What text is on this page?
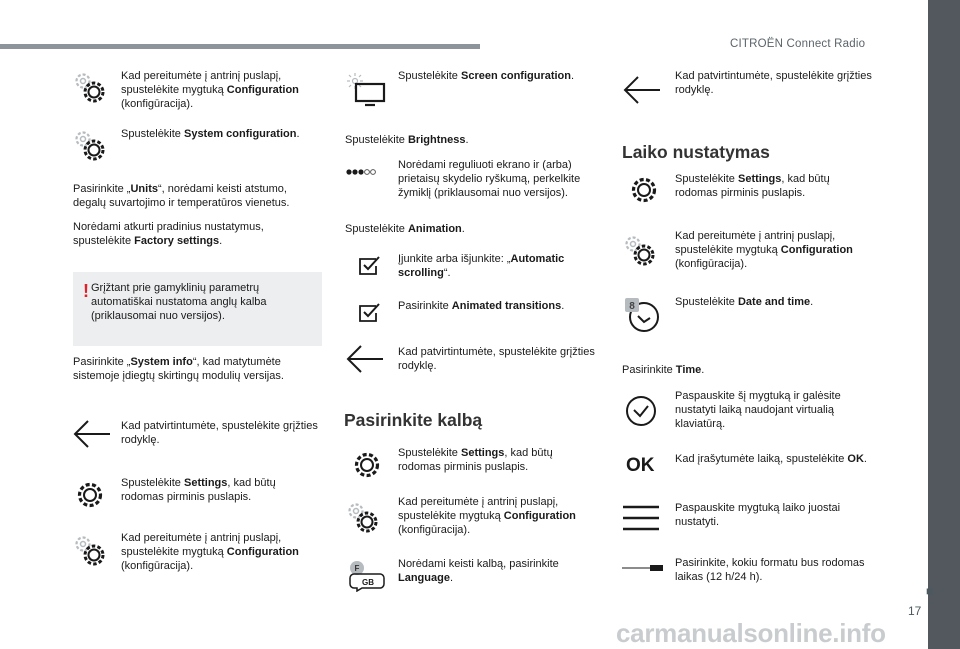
CITROËN Connect Radio
Kad pereitumėte į antrinį puslapį, spustelėkite mygtuką Configuration (konfigūracija).
Spustelėkite System configuration.
Pasirinkite „Units“, norėdami keisti atstumo, degalų suvartojimo ir temperatūros vienetus.
Norėdami atkurti pradinius nustatymus, spustelėkite Factory settings.
! Grįžtant prie gamyklinių parametrų automatiškai nustatoma anglų kalba (priklausomai nuo versijos).
Pasirinkite „System info“, kad matytumėte sistemoje įdiegtų skirtingų modulių versijas.
Kad patvirtintumėte, spustelėkite grįžties rodyklę.
Spustelėkite Settings, kad būtų rodomas pirminis puslapis.
Kad pereitumėte į antrinį puslapį, spustelėkite mygtuką Configuration (konfigūracija).
Spustelėkite Screen configuration.
Spustelėkite Brightness.
Norėdami reguliuoti ekrano ir (arba) prietaisų skydelio ryškumą, perkelkite žymiklį (priklausomai nuo versijos).
Spustelėkite Animation.
Įjunkite arba išjunkite: „Automatic scrolling“.
Pasirinkite Animated transitions.
Kad patvirtintumėte, spustelėkite grįžties rodyklę.
Pasirinkite kalbą
Spustelėkite Settings, kad būtų rodomas pirminis puslapis.
Kad pereitumėte į antrinį puslapį, spustelėkite mygtuką Configuration (konfigūracija).
F
GB
Norėdami keisti kalbą, pasirinkite Language.
Kad patvirtintumėte, spustelėkite grįžties rodyklę.
Laiko nustatymas
Spustelėkite Settings, kad būtų rodomas pirminis puslapis.
Kad pereitumėte į antrinį puslapį, spustelėkite mygtuką Configuration (konfigūracija).
8	Spustelėkite Date and time.
Pasirinkite Time.
Paspauskite šį mygtuką ir galėsite nustatyti laiką naudojant virtualią klaviatūrą.
OK Kad įrašytumėte laiką, spustelėkite OK.
Paspauskite mygtuką laiko juostai nustatyti.
Pasirinkite, kokiu formatu bus rodomas laikas (12 h/24 h).
■
17
carmanualsonline.info
